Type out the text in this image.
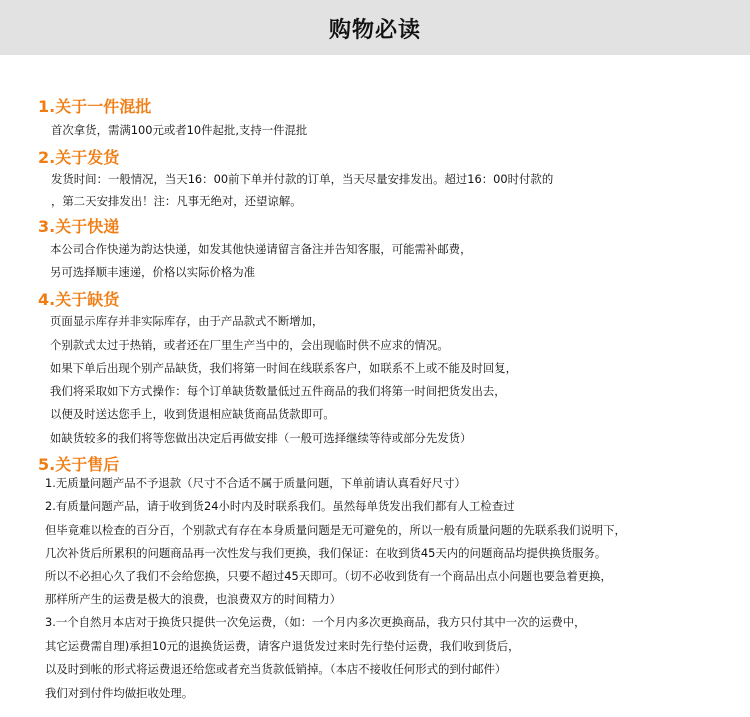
购物必读
1.关于一件混批
首次拿货，需满100元或者10件起批,支持一件混批
2.关于发货
发货时间：一般情况，当天16：00前下单并付款的订单，当天尽量安排发出。超过16：00时付款的
，第二天安排发出！注：凡事无绝对，还望谅解。
3.关于快递
本公司合作快递为韵达快递，如发其他快递请留言备注并告知客服，可能需补邮费，
另可选择顺丰速递，价格以实际价格为准
4.关于缺货
页面显示库存并非实际库存，由于产品款式不断增加，
个别款式太过于热销，或者还在厂里生产当中的，会出现临时供不应求的情况。
如果下单后出现个别产品缺货，我们将第一时间在线联系客户，如联系不上或不能及时回复，
我们将采取如下方式操作：每个订单缺货数量低过五件商品的我们将第一时间把货发出去，
以便及时送达您手上，收到货退相应缺货商品货款即可。
如缺货较多的我们将等您做出决定后再做安排（一般可选择继续等待或部分先发货）
5.关于售后
1.无质量问题产品不予退款（尺寸不合适不属于质量问题，下单前请认真看好尺寸）
2.有质量问题产品，请于收到货24小时内及时联系我们。虽然每单货发出我们都有人工检查过
但毕竟难以检查的百分百，个别款式有存在本身质量问题是无可避免的，所以一般有质量问题的先联系我们说明下，
几次补货后所累积的问题商品再一次性发与我们更换，我们保证：在收到货45天内的问题商品均提供换货服务。
所以不必担心久了我们不会给您换，只要不超过45天即可。（切不必收到货有一个商品出点小问题也要急着更换，
那样所产生的运费是极大的浪费，也浪费双方的时间精力）
3.一个自然月本店对于换货只提供一次免运费，（如：一个月内多次更换商品，我方只付其中一次的运费中，
其它运费需自理)承担10元的退换货运费，请客户退货发过来时先行垫付运费，我们收到货后，
以及时到帐的形式将运费退还给您或者充当货款低销掉。（本店不接收任何形式的到付邮件）
我们对到付件均做拒收处理。
